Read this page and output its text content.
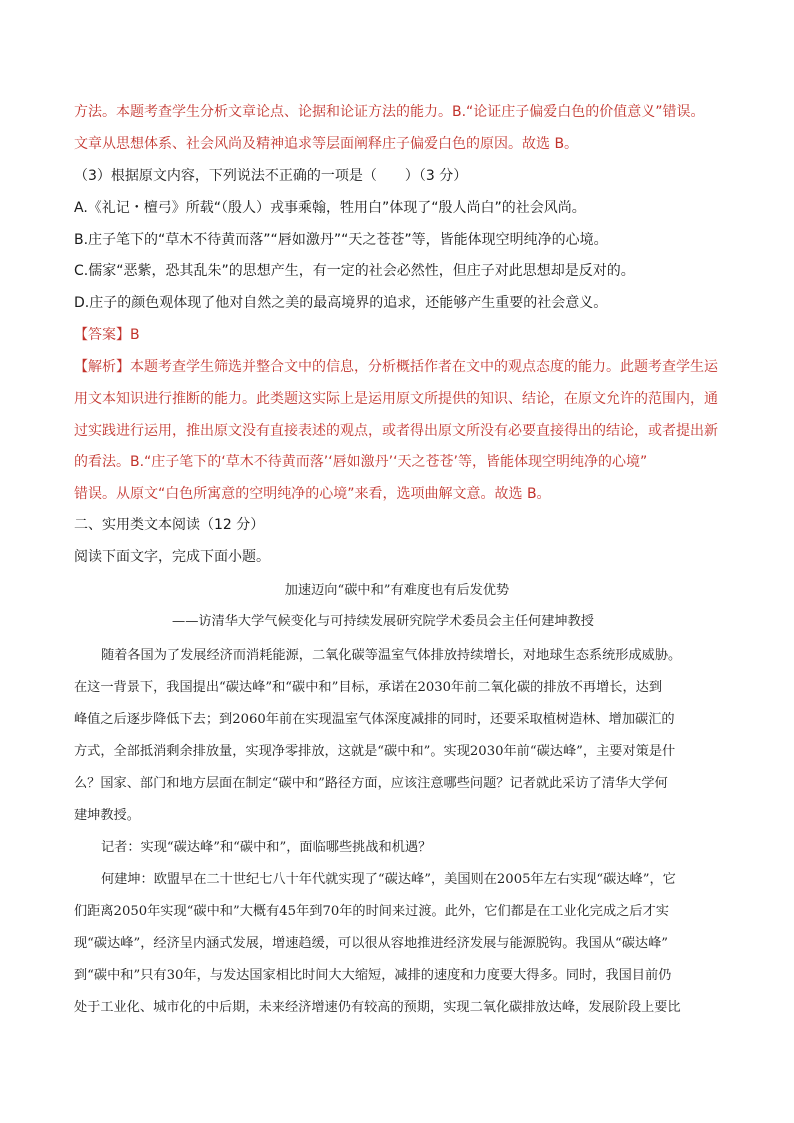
方法。本题考查学生分析文章论点、论据和论证方法的能力。B.“论证庄子偏爱白色的价值意义”错误。
文章从思想体系、社会风尚及精神追求等层面阐释庄子偏爱白色的原因。故选 B。
（3）根据原文内容，下列说法不正确的一项是（　　）（3 分）
A.《礼记・檀弓》所载“（殷人）戎事乘翰，牲用白”体现了“殷人尚白”的社会风尚。
B.庄子笔下的“草木不待黄而落”“唇如激丹”“天之苍苍”等，皆能体现空明纯净的心境。
C.儒家“恶紫，恐其乱朱”的思想产生，有一定的社会必然性，但庄子对此思想却是反对的。
D.庄子的颜色观体现了他对自然之美的最高境界的追求，还能够产生重要的社会意义。
【答案】B
【解析】本题考查学生筛选并整合文中的信息，分析概括作者在文中的观点态度的能力。此题考查学生运
用文本知识进行推断的能力。此类题这实际上是运用原文所提供的知识、结论，在原文允许的范围内，通
过实践进行运用，推出原文没有直接表述的观点，或者得出原文所没有必要直接得出的结论，或者提出新
的看法。B.“庄子笔下的‘草木不待黄而落’‘唇如激丹’‘天之苍苍’等，皆能体现空明纯净的心境”
错误。从原文“白色所寓意的空明纯净的心境”来看，选项曲解文意。故选 B。
二、实用类文本阅读（12 分）
阅读下面文字，完成下面小题。
加速迈向“碳中和”有难度也有后发优势
——访清华大学气候变化与可持续发展研究院学术委员会主任何建坤教授
随着各国为了发展经济而消耗能源，二氧化碳等温室气体排放持续增长，对地球生态系统形成威胁。
在这一背景下，我国提出“碳达峰”和“碳中和”目标，承诺在2030年前二氧化碳的排放不再增长，达到
峰值之后逐步降低下去；到2060年前在实现温室气体深度减排的同时，还要采取植树造林、增加碳汇的
方式，全部抵消剩余排放量，实现净零排放，这就是“碳中和”。实现2030年前“碳达峰”，主要对策是什
么？国家、部门和地方层面在制定“碳中和”路径方面，应该注意哪些问题？记者就此采访了清华大学何
建坤教授。
记者：实现“碳达峰”和“碳中和”，面临哪些挑战和机遇？
何建坤：欧盟早在二十世纪七八十年代就实现了“碳达峰”，美国则在2005年左右实现“碳达峰”，它
们距离2050年实现“碳中和”大概有45年到70年的时间来过渡。此外，它们都是在工业化完成之后才实
现“碳达峰”，经济呈内涵式发展，增速趋缓，可以很从容地推进经济发展与能源脱钩。我国从“碳达峰”
到“碳中和”只有30年，与发达国家相比时间大大缩短，减排的速度和力度要大得多。同时，我国目前仍
处于工业化、城市化的中后期，未来经济增速仍有较高的预期，实现二氧化碳排放达峰，发展阶段上要比
